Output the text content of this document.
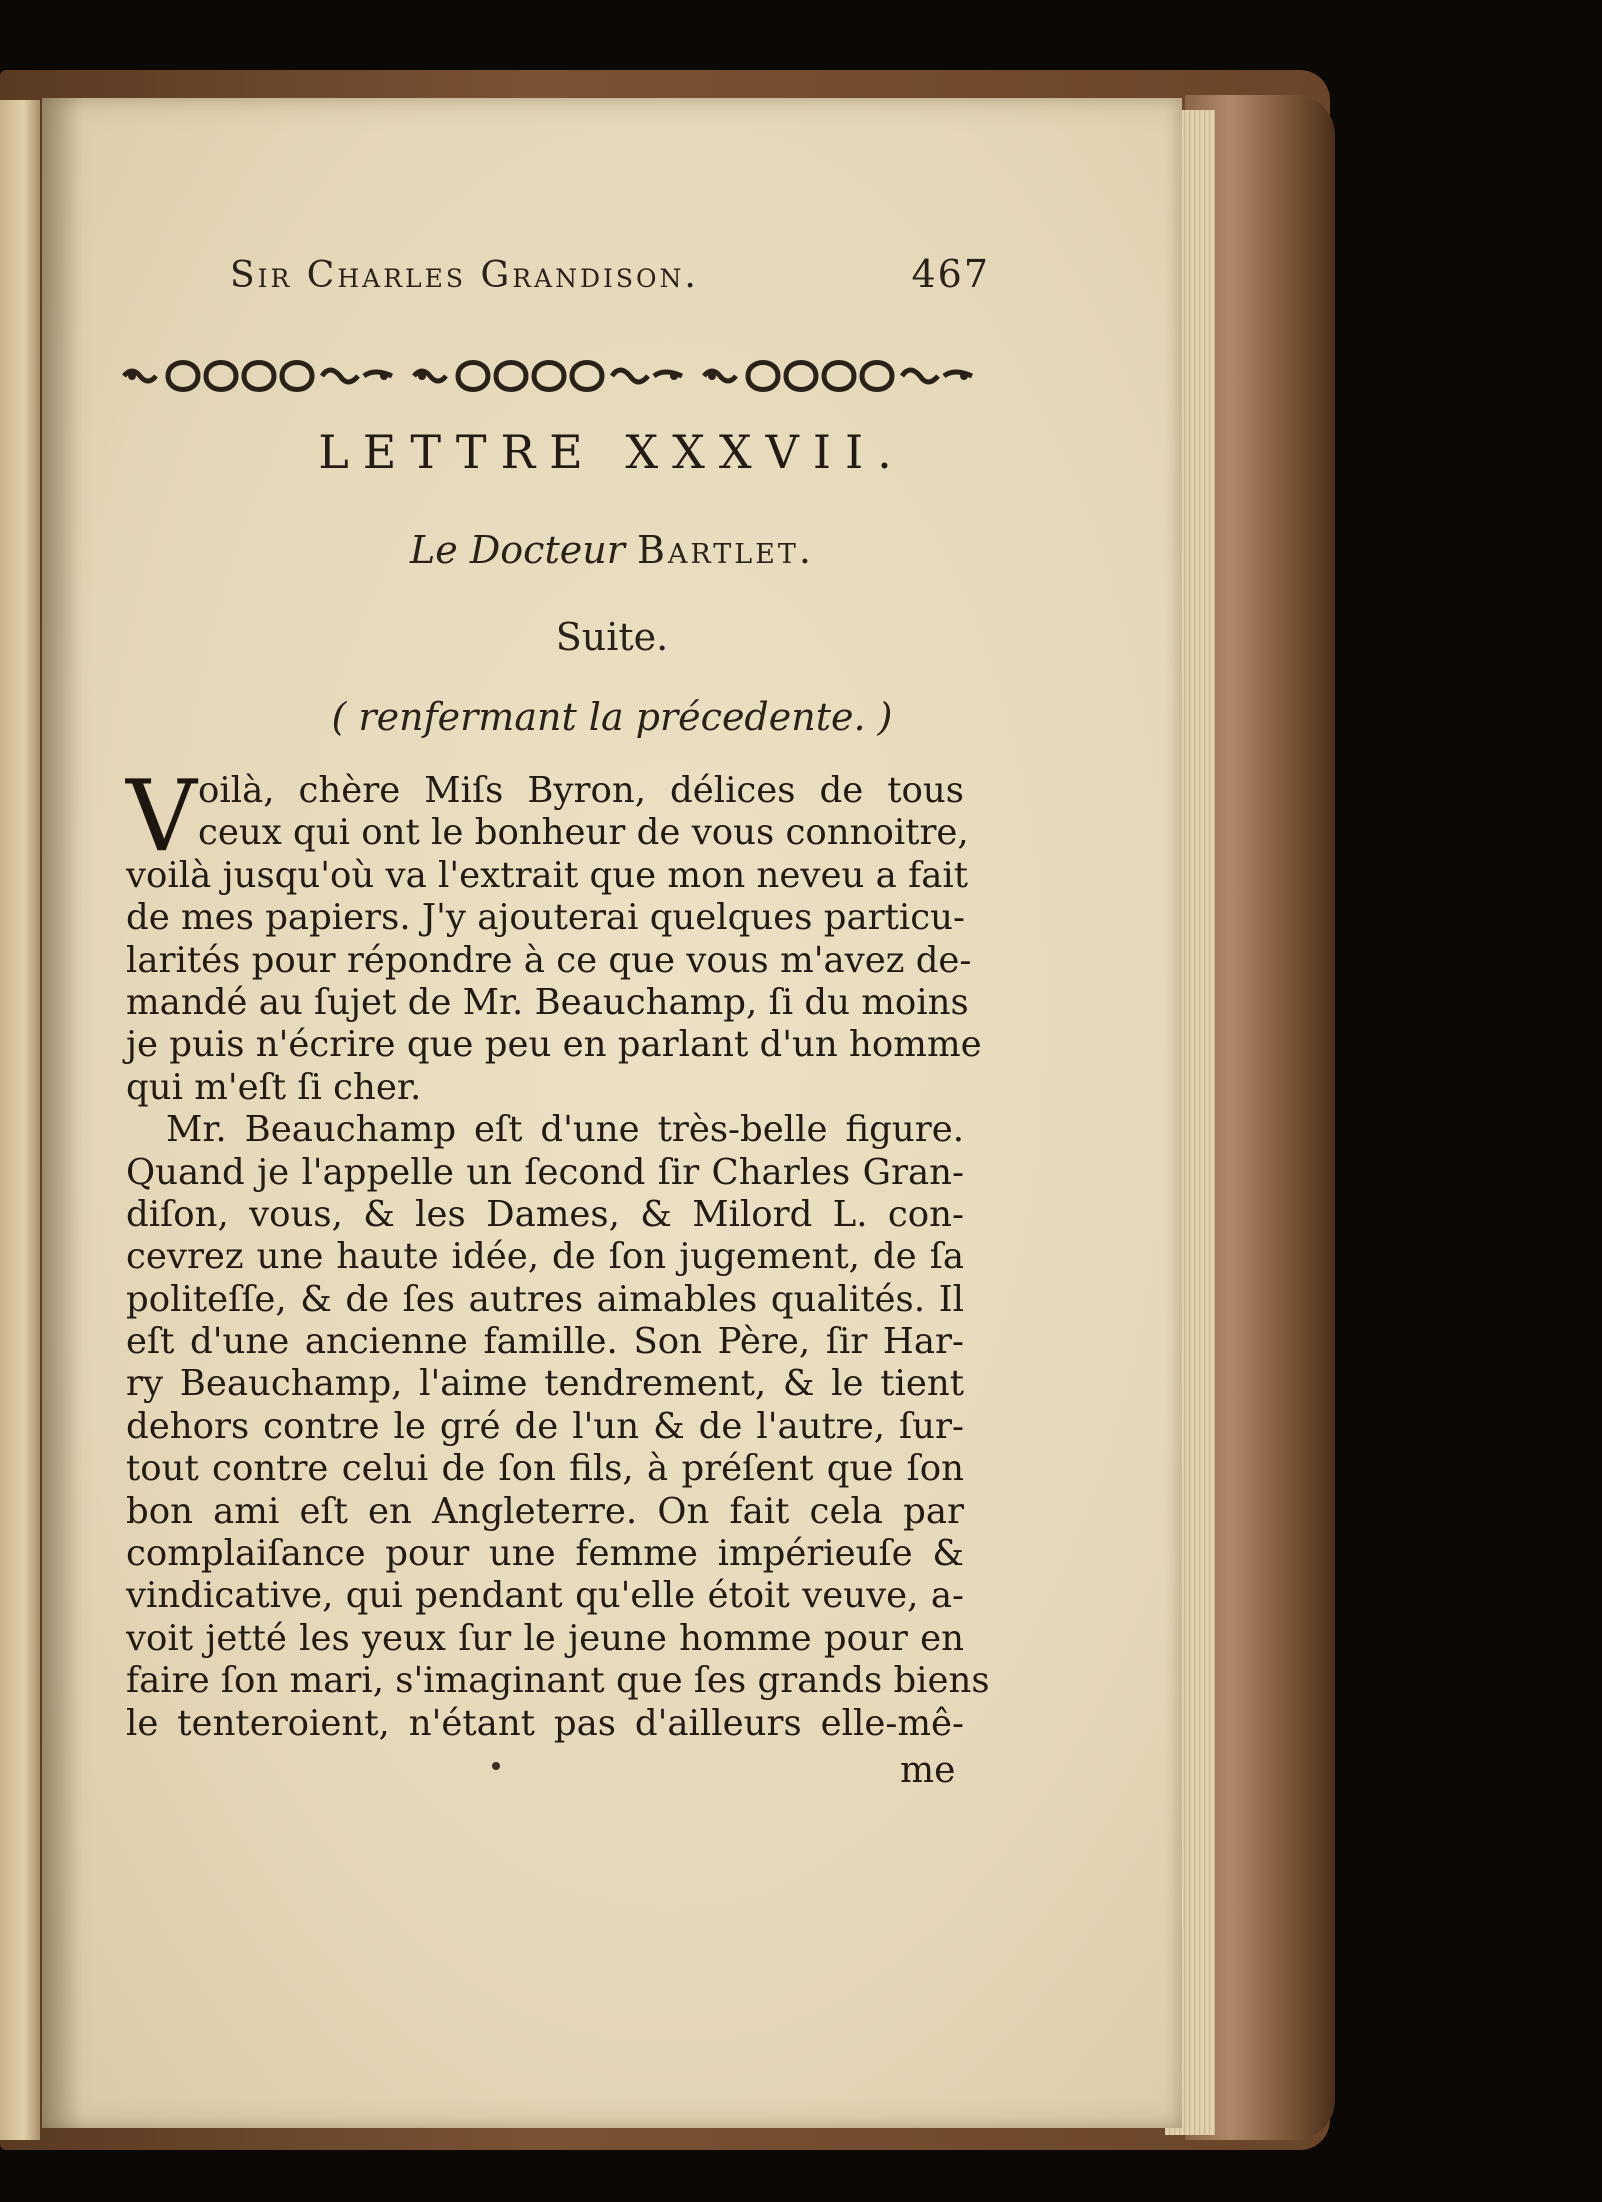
Sir Charles Grandison.	467
LETTRE XXXVII.
Le Docteur Bartlet.
Suite.
( renfermant la précedente. )
V oilà, chère Miſs Byron, délices de tous
ceux qui ont le bonheur de vous connoitre,
voilà jusqu'où va l'extrait que mon neveu a fait
de mes papiers. J'y ajouterai quelques particu-
larités pour répondre à ce que vous m'avez de-
mandé au ſujet de Mr. Beauchamp, ſi du moins
je puis n'écrire que peu en parlant d'un homme
qui m'eſt ſi cher.
Mr. Beauchamp eſt d'une très-belle figure.
Quand je l'appelle un ſecond ſir Charles Gran-
diſon, vous, & les Dames, & Milord L. con-
cevrez une haute idée, de ſon jugement, de ſa
politeſſe, & de ſes autres aimables qualités. Il
eſt d'une ancienne famille. Son Père, ſir Har-
ry Beauchamp, l'aime tendrement, & le tient
dehors contre le gré de l'un & de l'autre, ſur-
tout contre celui de ſon fils, à préſent que ſon
bon ami eſt en Angleterre. On fait cela par
complaiſance pour une femme impérieuſe &
vindicative, qui pendant qu'elle étoit veuve, a-
voit jetté les yeux ſur le jeune homme pour en
faire ſon mari, s'imaginant que ſes grands biens
le tenteroient, n'étant pas d'ailleurs elle-mê-
me
